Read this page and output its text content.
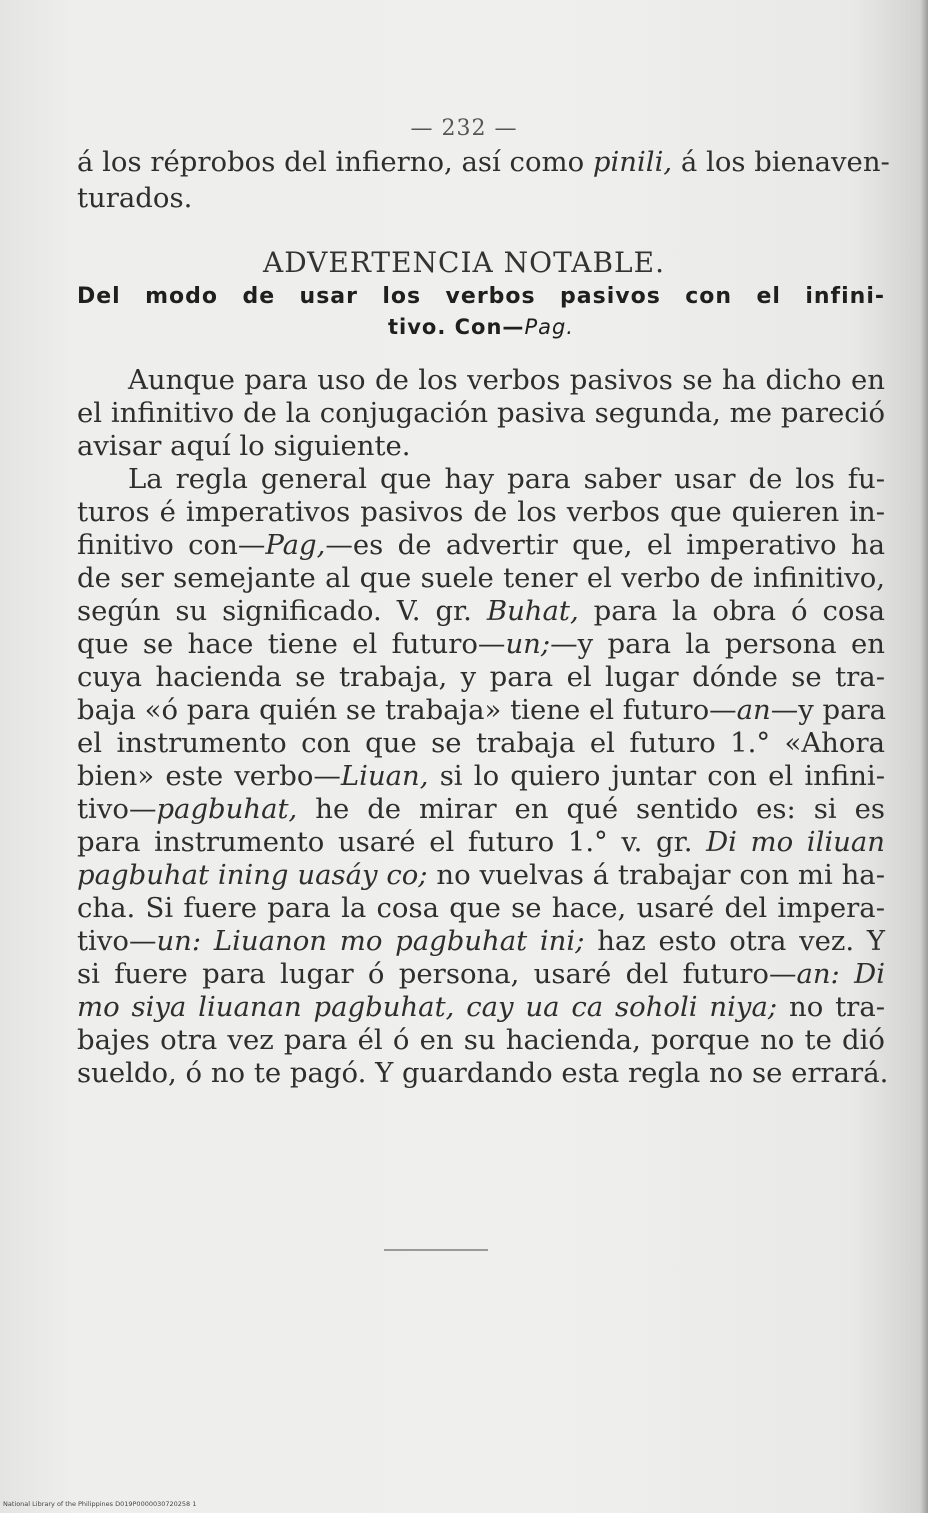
— 232 —
á los réprobos del infierno, así como pinili, á los bienaven-
turados.
ADVERTENCIA NOTABLE.
Del modo de usar los verbos pasivos con el infini-
tivo. Con—Pag.
Aunque para uso de los verbos pasivos se ha dicho en
el infinitivo de la conjugación pasiva segunda, me pareció
avisar aquí lo siguiente.
La regla general que hay para saber usar de los fu-
turos é imperativos pasivos de los verbos que quieren in-
finitivo con—Pag,—es de advertir que, el imperativo ha
de ser semejante al que suele tener el verbo de infinitivo,
según su significado. V. gr. Buhat, para la obra ó cosa
que se hace tiene el futuro—un;—y para la persona en
cuya hacienda se trabaja, y para el lugar dónde se tra-
baja «ó para quién se trabaja» tiene el futuro—an—y para
el instrumento con que se trabaja el futuro 1.° «Ahora
bien» este verbo—Liuan, si lo quiero juntar con el infini-
tivo—pagbuhat, he de mirar en qué sentido es: si es
para instrumento usaré el futuro 1.° v. gr. Di mo iliuan
pagbuhat ining uasáy co; no vuelvas á trabajar con mi ha-
cha. Si fuere para la cosa que se hace, usaré del impera-
tivo—un: Liuanon mo pagbuhat ini; haz esto otra vez. Y
si fuere para lugar ó persona, usaré del futuro—an: Di
mo siya liuanan pagbuhat, cay ua ca soholi niya; no tra-
bajes otra vez para él ó en su hacienda, porque no te dió
sueldo, ó no te pagó. Y guardando esta regla no se errará.
National Library of the Philippines D019P0000030720258 1
